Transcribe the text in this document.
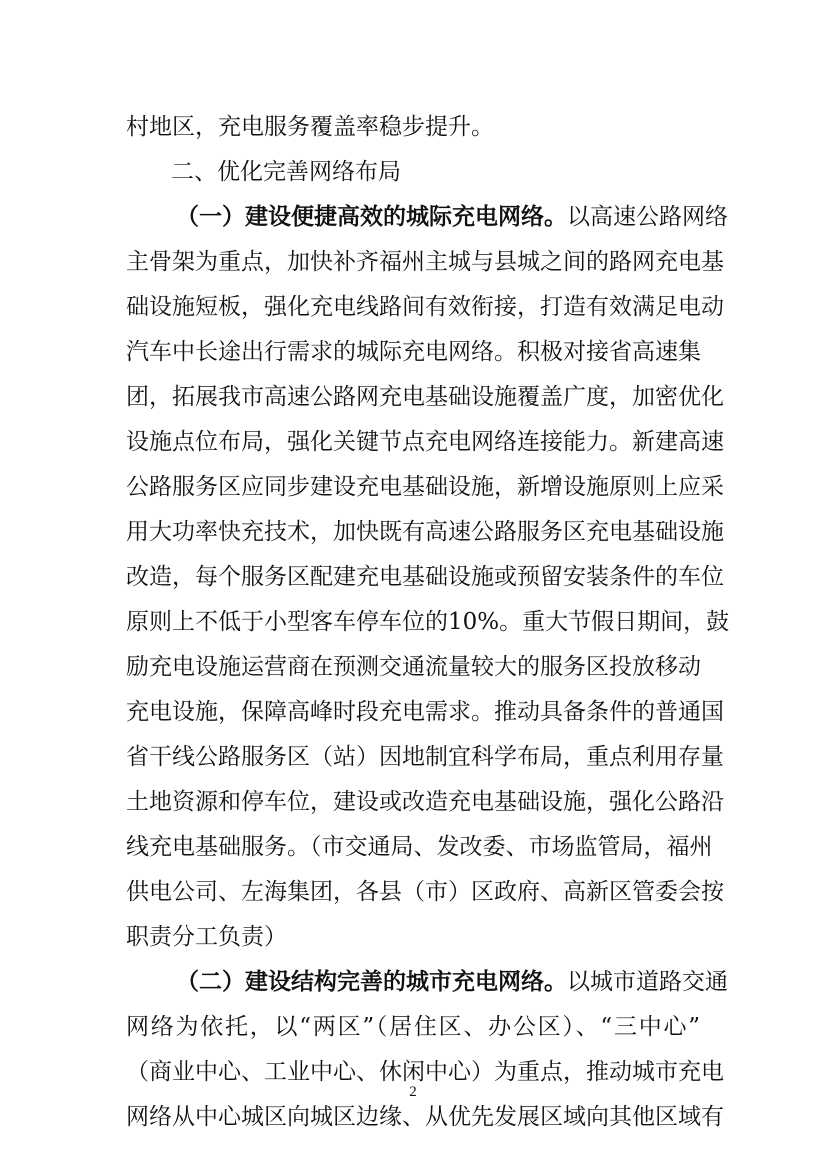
村地区，充电服务覆盖率稳步提升。
二、优化完善网络布局
（一）建设便捷高效的城际充电网络。以高速公路网络
主骨架为重点，加快补齐福州主城与县城之间的路网充电基
础设施短板，强化充电线路间有效衔接，打造有效满足电动
汽车中长途出行需求的城际充电网络。积极对接省高速集
团，拓展我市高速公路网充电基础设施覆盖广度，加密优化
设施点位布局，强化关键节点充电网络连接能力。新建高速
公路服务区应同步建设充电基础设施，新增设施原则上应采
用大功率快充技术，加快既有高速公路服务区充电基础设施
改造，每个服务区配建充电基础设施或预留安装条件的车位
原则上不低于小型客车停车位的10%。重大节假日期间，鼓
励充电设施运营商在预测交通流量较大的服务区投放移动
充电设施，保障高峰时段充电需求。推动具备条件的普通国
省干线公路服务区（站）因地制宜科学布局，重点利用存量
土地资源和停车位，建设或改造充电基础设施，强化公路沿
线充电基础服务。（市交通局、发改委、市场监管局，福州
供电公司、左海集团，各县（市）区政府、高新区管委会按
职责分工负责）
（二）建设结构完善的城市充电网络。以城市道路交通
网络为依托，以“两区”（居住区、办公区）、“三中心”
（商业中心、工业中心、休闲中心）为重点，推动城市充电
网络从中心城区向城区边缘、从优先发展区域向其他区域有
2
